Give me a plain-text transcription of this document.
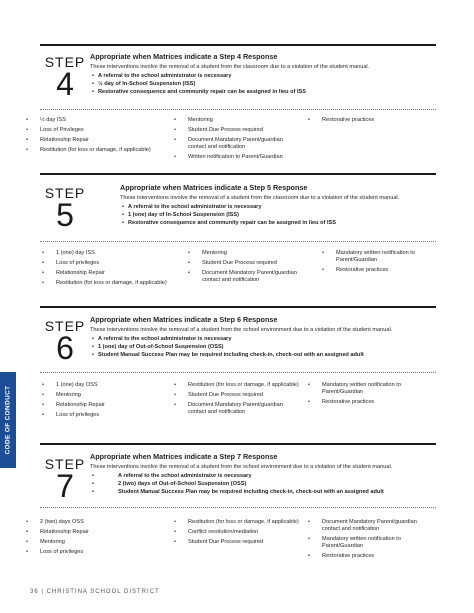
STEP
4
Appropriate when Matrices indicate a Step 4 Response
These interventions involve the removal of a student from the classroom due to a violation of the student manual.
• A referral to the school administrator is necessary
• ½ day of In-School Suspension (ISS)
• Restorative consequence and community repair can be assigned in lieu of ISS
• ½ day ISS
• Loss of Privileges
• Relationship Repair
• Restitution (for loss or damage, if applicable)
• Mentoring
• Student Due Process required
• Document Mandatory Parent/guardian contact and notification
• Written notification to Parent/Guardian
• Restorative practices
STEP
5
Appropriate when Matrices indicate a Step 5 Response
These interventions involve the removal of a student from the classroom due to a violation of the student manual.
• A referral to the school administrator is necessary
• 1 (one) day of In-School Suspension (ISS)
• Restorative consequence and community repair can be assigned in lieu of ISS
• 1 (one) day ISS
• Loss of privileges
• Relationship Repair
• Restitution (for loss or damage, if applicable)
• Mentoring
• Student Due Process required
• Document Mandatory Parent/guardian contact and notification
• Mandatory written notification to Parent/Guardian
• Restorative practices
STEP
6
Appropriate when Matrices indicate a Step 6 Response
These interventions involve the removal of a student from the school environment due to a violation of the student manual.
• A referral to the school administrator is necessary
• 1 (one) day of Out-of-School Suspension (OSS)
• Student Manual Success Plan may be required including check-in, check-out with an assigned adult
• 1 (one) day OSS
• Mentoring
• Relationship Repair
• Loss of privileges
• Restitution (for loss or damage, if applicable)
• Student Due Process required
• Document Mandatory Parent/guardian contact and notification
• Mandatory written notification to Parent/Guardian
• Restorative practices
STEP
7
Appropriate when Matrices indicate a Step 7 Response
These interventions involve the removal of a student from the school environment due to a violation of the student manual.
• A referral to the school administrator is necessary
• 2 (two) days of Out-of-School Suspension (OSS)
• Student Manual Success Plan may be required including check-in, check-out with an assigned adult
• 2 (two) days OSS
• Relationship Repair
• Mentoring
• Loss of privileges
• Restitution (for loss or damage, if applicable)
• Conflict resolution/mediation
• Student Due Process required
• Document Mandatory Parent/guardian contact and notification
• Mandatory written notification to Parent/Guardian
• Restorative practices
CODE OF CONDUCT
36 | CHRISTINA SCHOOL DISTRICT
